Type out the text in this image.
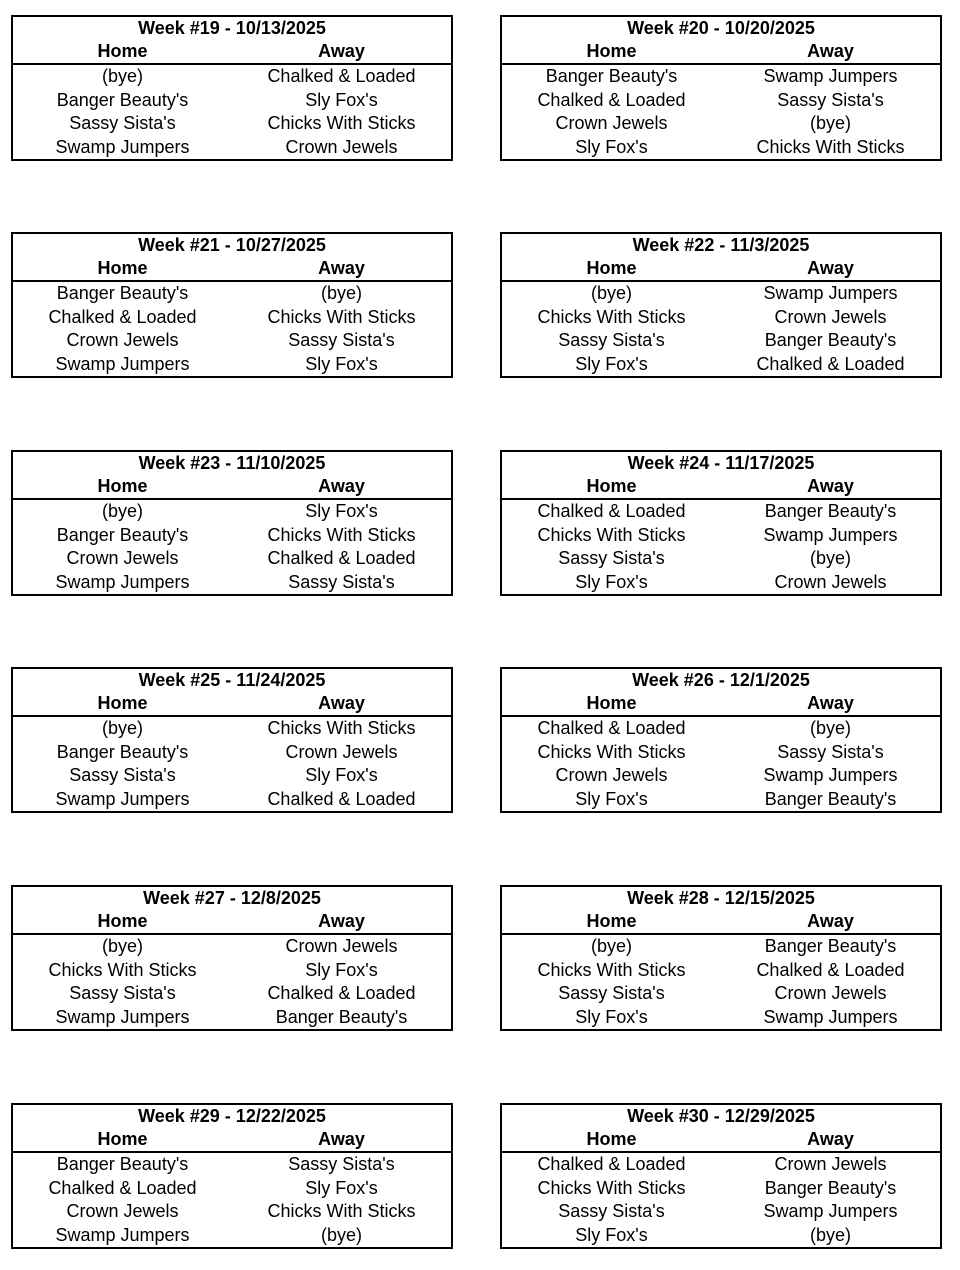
Week #19 - 10/13/2025
Home	Away
(bye)	Chalked & Loaded
Banger Beauty's	Sly Fox's
Sassy Sista's	Chicks With Sticks
Swamp Jumpers	Crown Jewels
Week #20 - 10/20/2025
Home	Away
Banger Beauty's	Swamp Jumpers
Chalked & Loaded	Sassy Sista's
Crown Jewels	(bye)
Sly Fox's	Chicks With Sticks
Week #21 - 10/27/2025
Home	Away
Banger Beauty's	(bye)
Chalked & Loaded	Chicks With Sticks
Crown Jewels	Sassy Sista's
Swamp Jumpers	Sly Fox's
Week #22 - 11/3/2025
Home	Away
(bye)	Swamp Jumpers
Chicks With Sticks	Crown Jewels
Sassy Sista's	Banger Beauty's
Sly Fox's	Chalked & Loaded
Week #23 - 11/10/2025
Home	Away
(bye)	Sly Fox's
Banger Beauty's	Chicks With Sticks
Crown Jewels	Chalked & Loaded
Swamp Jumpers	Sassy Sista's
Week #24 - 11/17/2025
Home	Away
Chalked & Loaded	Banger Beauty's
Chicks With Sticks	Swamp Jumpers
Sassy Sista's	(bye)
Sly Fox's	Crown Jewels
Week #25 - 11/24/2025
Home	Away
(bye)	Chicks With Sticks
Banger Beauty's	Crown Jewels
Sassy Sista's	Sly Fox's
Swamp Jumpers	Chalked & Loaded
Week #26 - 12/1/2025
Home	Away
Chalked & Loaded	(bye)
Chicks With Sticks	Sassy Sista's
Crown Jewels	Swamp Jumpers
Sly Fox's	Banger Beauty's
Week #27 - 12/8/2025
Home	Away
(bye)	Crown Jewels
Chicks With Sticks	Sly Fox's
Sassy Sista's	Chalked & Loaded
Swamp Jumpers	Banger Beauty's
Week #28 - 12/15/2025
Home	Away
(bye)	Banger Beauty's
Chicks With Sticks	Chalked & Loaded
Sassy Sista's	Crown Jewels
Sly Fox's	Swamp Jumpers
Week #29 - 12/22/2025
Home	Away
Banger Beauty's	Sassy Sista's
Chalked & Loaded	Sly Fox's
Crown Jewels	Chicks With Sticks
Swamp Jumpers	(bye)
Week #30 - 12/29/2025
Home	Away
Chalked & Loaded	Crown Jewels
Chicks With Sticks	Banger Beauty's
Sassy Sista's	Swamp Jumpers
Sly Fox's	(bye)
